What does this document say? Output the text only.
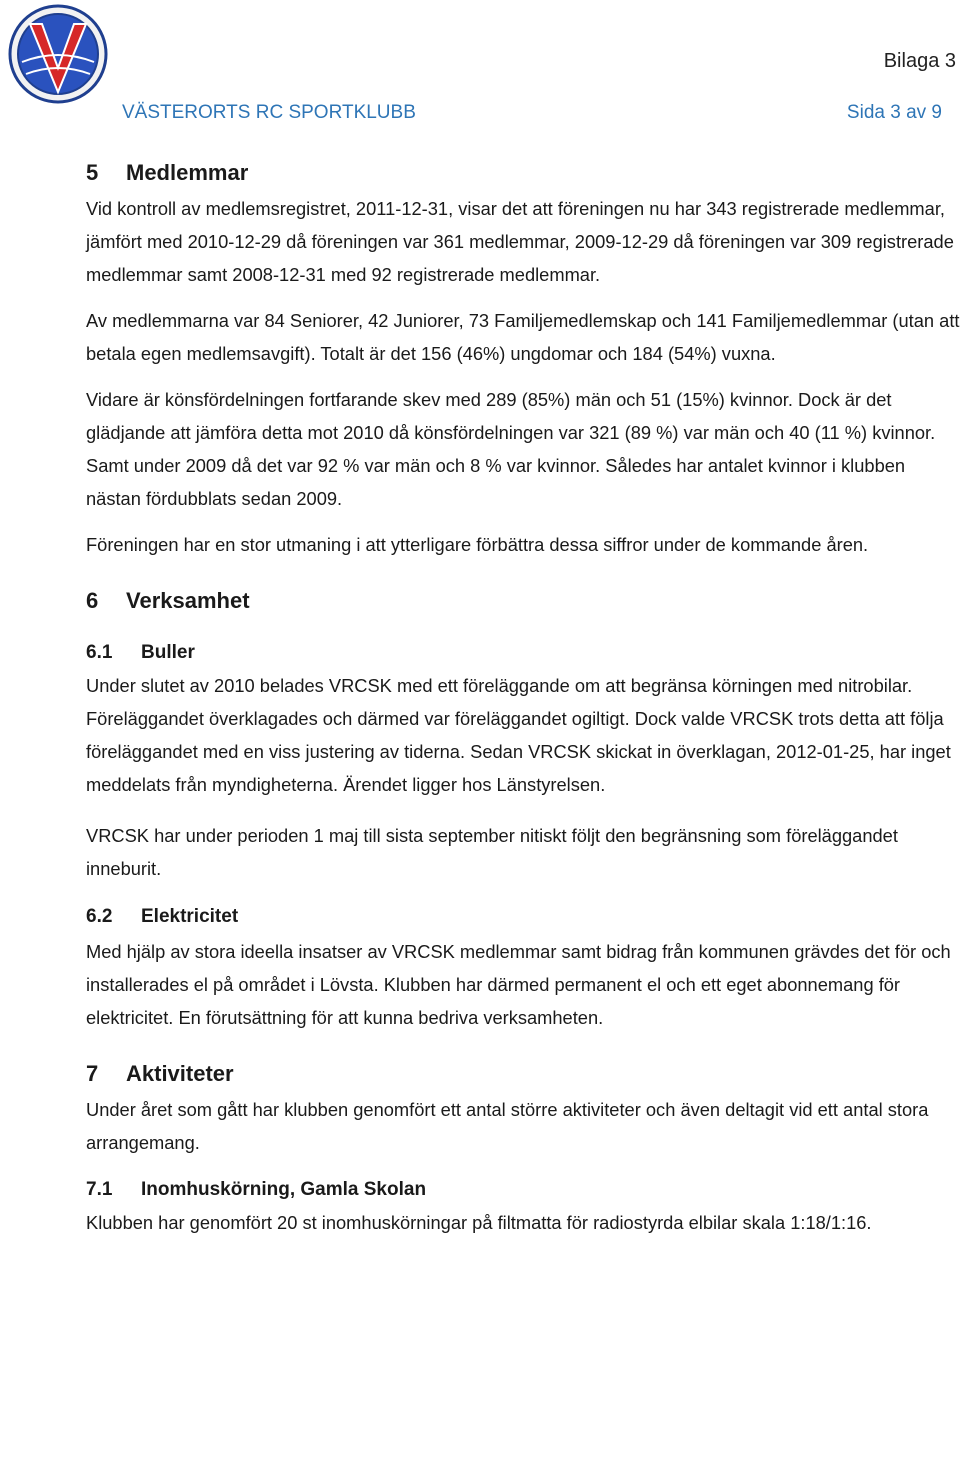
Bilaga 3
VÄSTERORTS RC SPORTKLUBB	Sida 3 av 9
5 Medlemmar

Vid kontroll av medlemsregistret, 2011-12-31, visar det att föreningen nu har 343 registrerade medlemmar, jämfört med 2010-12-29 då föreningen var 361 medlemmar, 2009-12-29 då föreningen var 309 registrerade medlemmar samt 2008-12-31 med 92 registrerade medlemmar.

Av medlemmarna var 84 Seniorer, 42 Juniorer, 73 Familjemedlemskap och 141 Familjemedlemmar (utan att betala egen medlemsavgift). Totalt är det 156 (46%) ungdomar och 184 (54%) vuxna.

Vidare är könsfördelningen fortfarande skev med 289 (85%) män och 51 (15%) kvinnor. Dock är det glädjande att jämföra detta mot 2010 då könsfördelningen var 321 (89 %) var män och 40 (11 %) kvinnor. Samt under 2009 då det var 92 % var män och 8 % var kvinnor. Således har antalet kvinnor i klubben nästan fördubblats sedan 2009.

Föreningen har en stor utmaning i att ytterligare förbättra dessa siffror under de kommande åren.

6 Verksamhet
6.1 Buller

Under slutet av 2010 belades VRCSK med ett föreläggande om att begränsa körningen med nitrobilar. Föreläggandet överklagades och därmed var föreläggandet ogiltigt. Dock valde VRCSK trots detta att följa föreläggandet med en viss justering av tiderna. Sedan VRCSK skickat in överklagan, 2012-01-25, har inget meddelats från myndigheterna. Ärendet ligger hos Länstyrelsen.

VRCSK har under perioden 1 maj till sista september nitiskt följt den begränsning som föreläggandet inneburit.

6.2 Elektricitet

Med hjälp av stora ideella insatser av VRCSK medlemmar samt bidrag från kommunen grävdes det för och installerades el på området i Lövsta. Klubben har därmed permanent el och ett eget abonnemang för elektricitet. En förutsättning för att kunna bedriva verksamheten.

7 Aktiviteter

Under året som gått har klubben genomfört ett antal större aktiviteter och även deltagit vid ett antal stora arrangemang.

7.1 Inomhuskörning, Gamla Skolan

Klubben har genomfört 20 st inomhuskörningar på filtmatta för radiostyrda elbilar skala 1:18/1:16.
